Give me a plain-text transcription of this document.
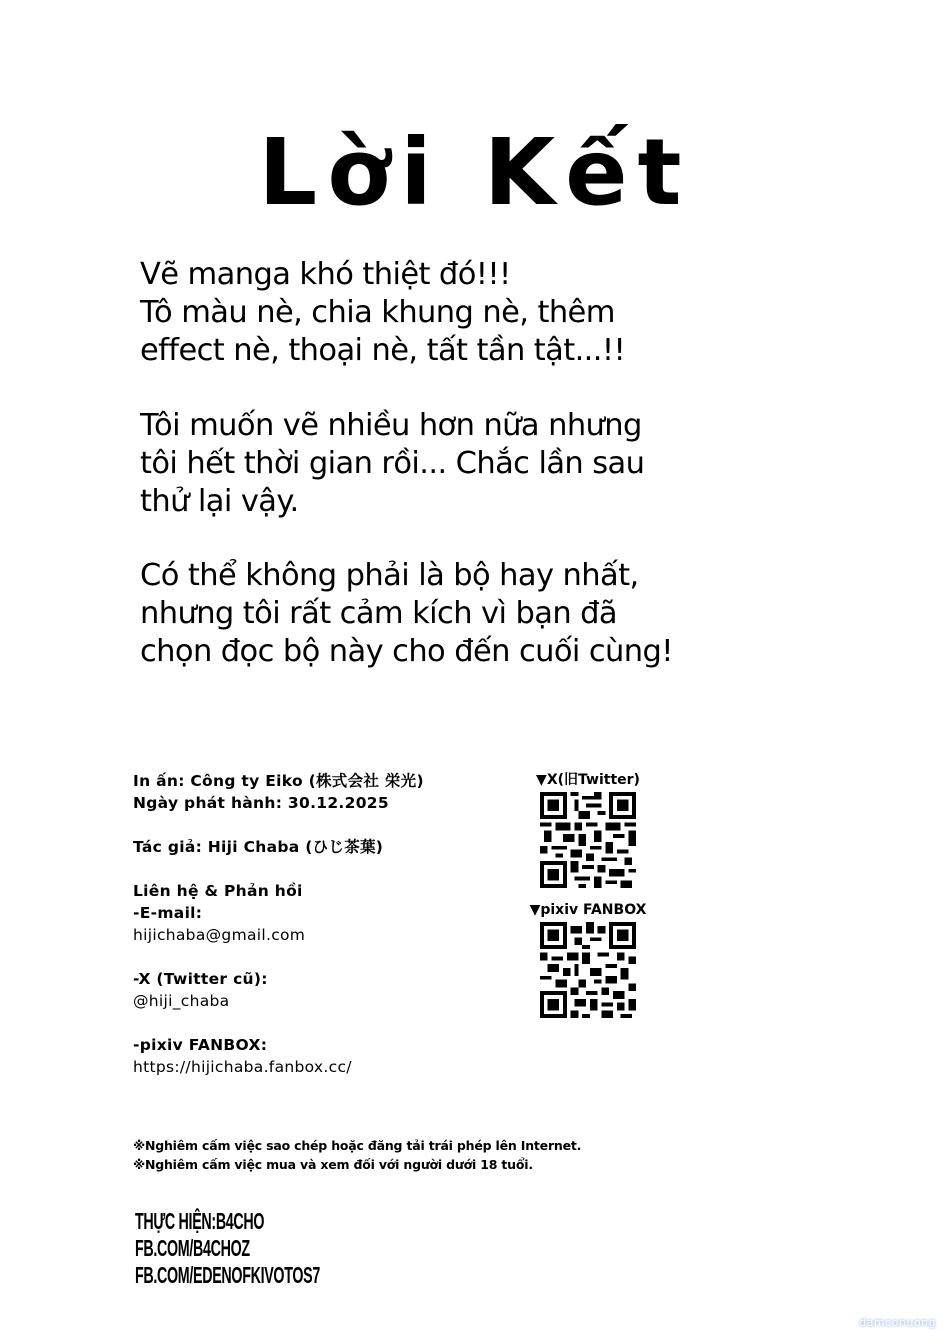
Lời Kết
Vẽ manga khó thiệt đó!!!
Tô màu nè, chia khung nè, thêm
effect nè, thoại nè, tất tần tật...!!
Tôi muốn vẽ nhiều hơn nữa nhưng
tôi hết thời gian rồi... Chắc lần sau
thử lại vậy.
Có thể không phải là bộ hay nhất,
nhưng tôi rất cảm kích vì bạn đã
chọn đọc bộ này cho đến cuối cùng!
In ấn: Công ty Eiko (株式会社 栄光)
Ngày phát hành: 30.12.2025
Tác giả: Hiji Chaba (ひじ茶葉)
Liên hệ & Phản hồi
-E-mail:
hijichaba@gmail.com
-X (Twitter cũ):
@hiji_chaba
-pixiv FANBOX:
https://hijichaba.fanbox.cc/
▼X(旧Twitter)
▼pixiv FANBOX
※Nghiêm cấm việc sao chép hoặc đăng tải trái phép lên Internet.
※Nghiêm cấm việc mua và xem đối với người dưới 18 tuổi.
THỰC HIỆN:B4CHO
FB.COM/B4CHOZ
FB.COM/EDENOFKIVOTOS7
damconuong
